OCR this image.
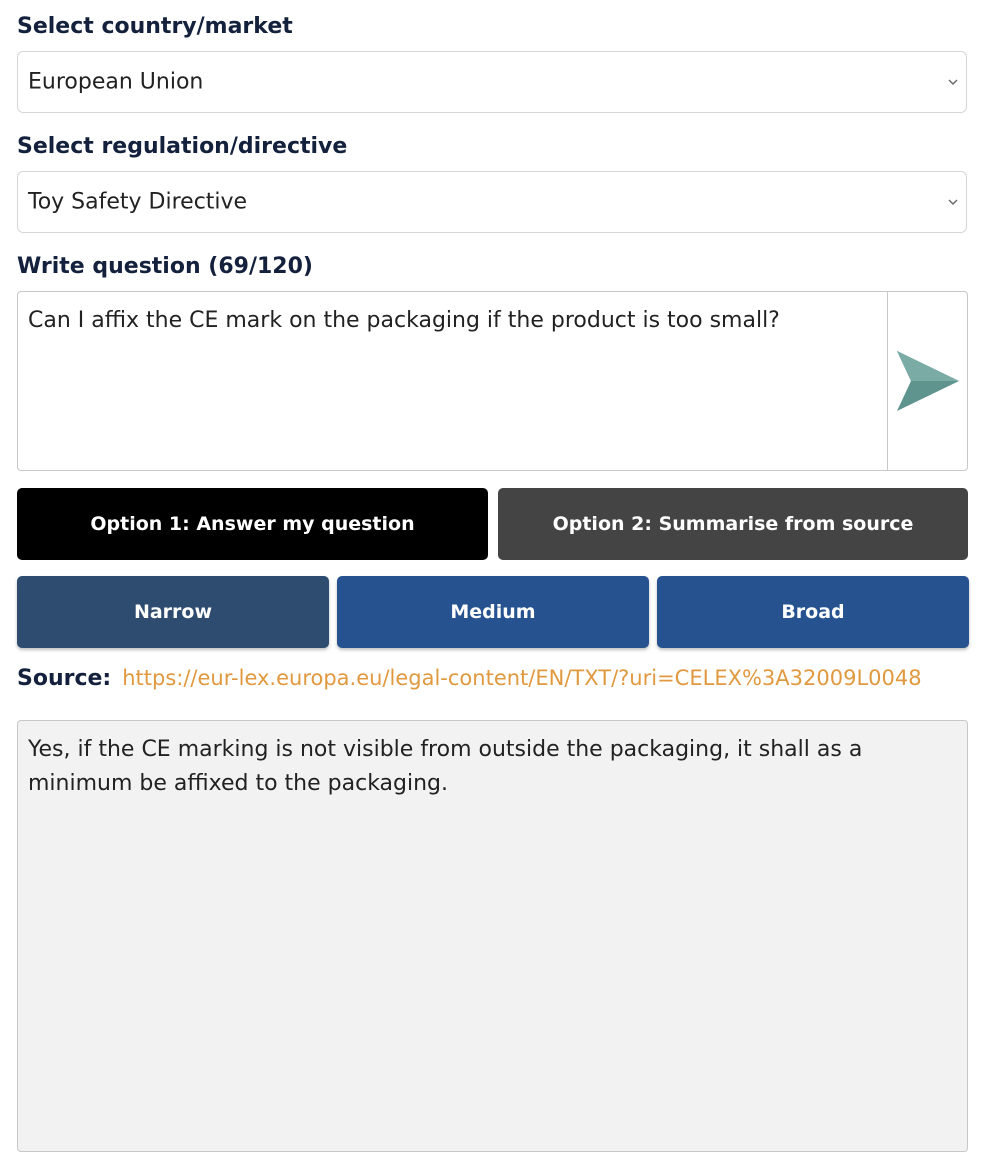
Select country/market
European Union
Select regulation/directive
Toy Safety Directive
Write question (69/120)
Can I affix the CE mark on the packaging if the product is too small?
Option 1: Answer my question	Option 2: Summarise from source
Narrow	Medium	Broad
Source: https://eur-lex.europa.eu/legal-content/EN/TXT/?uri=CELEX%3A32009L0048
Yes, if the CE marking is not visible from outside the packaging, it shall as a minimum be affixed to the packaging.
